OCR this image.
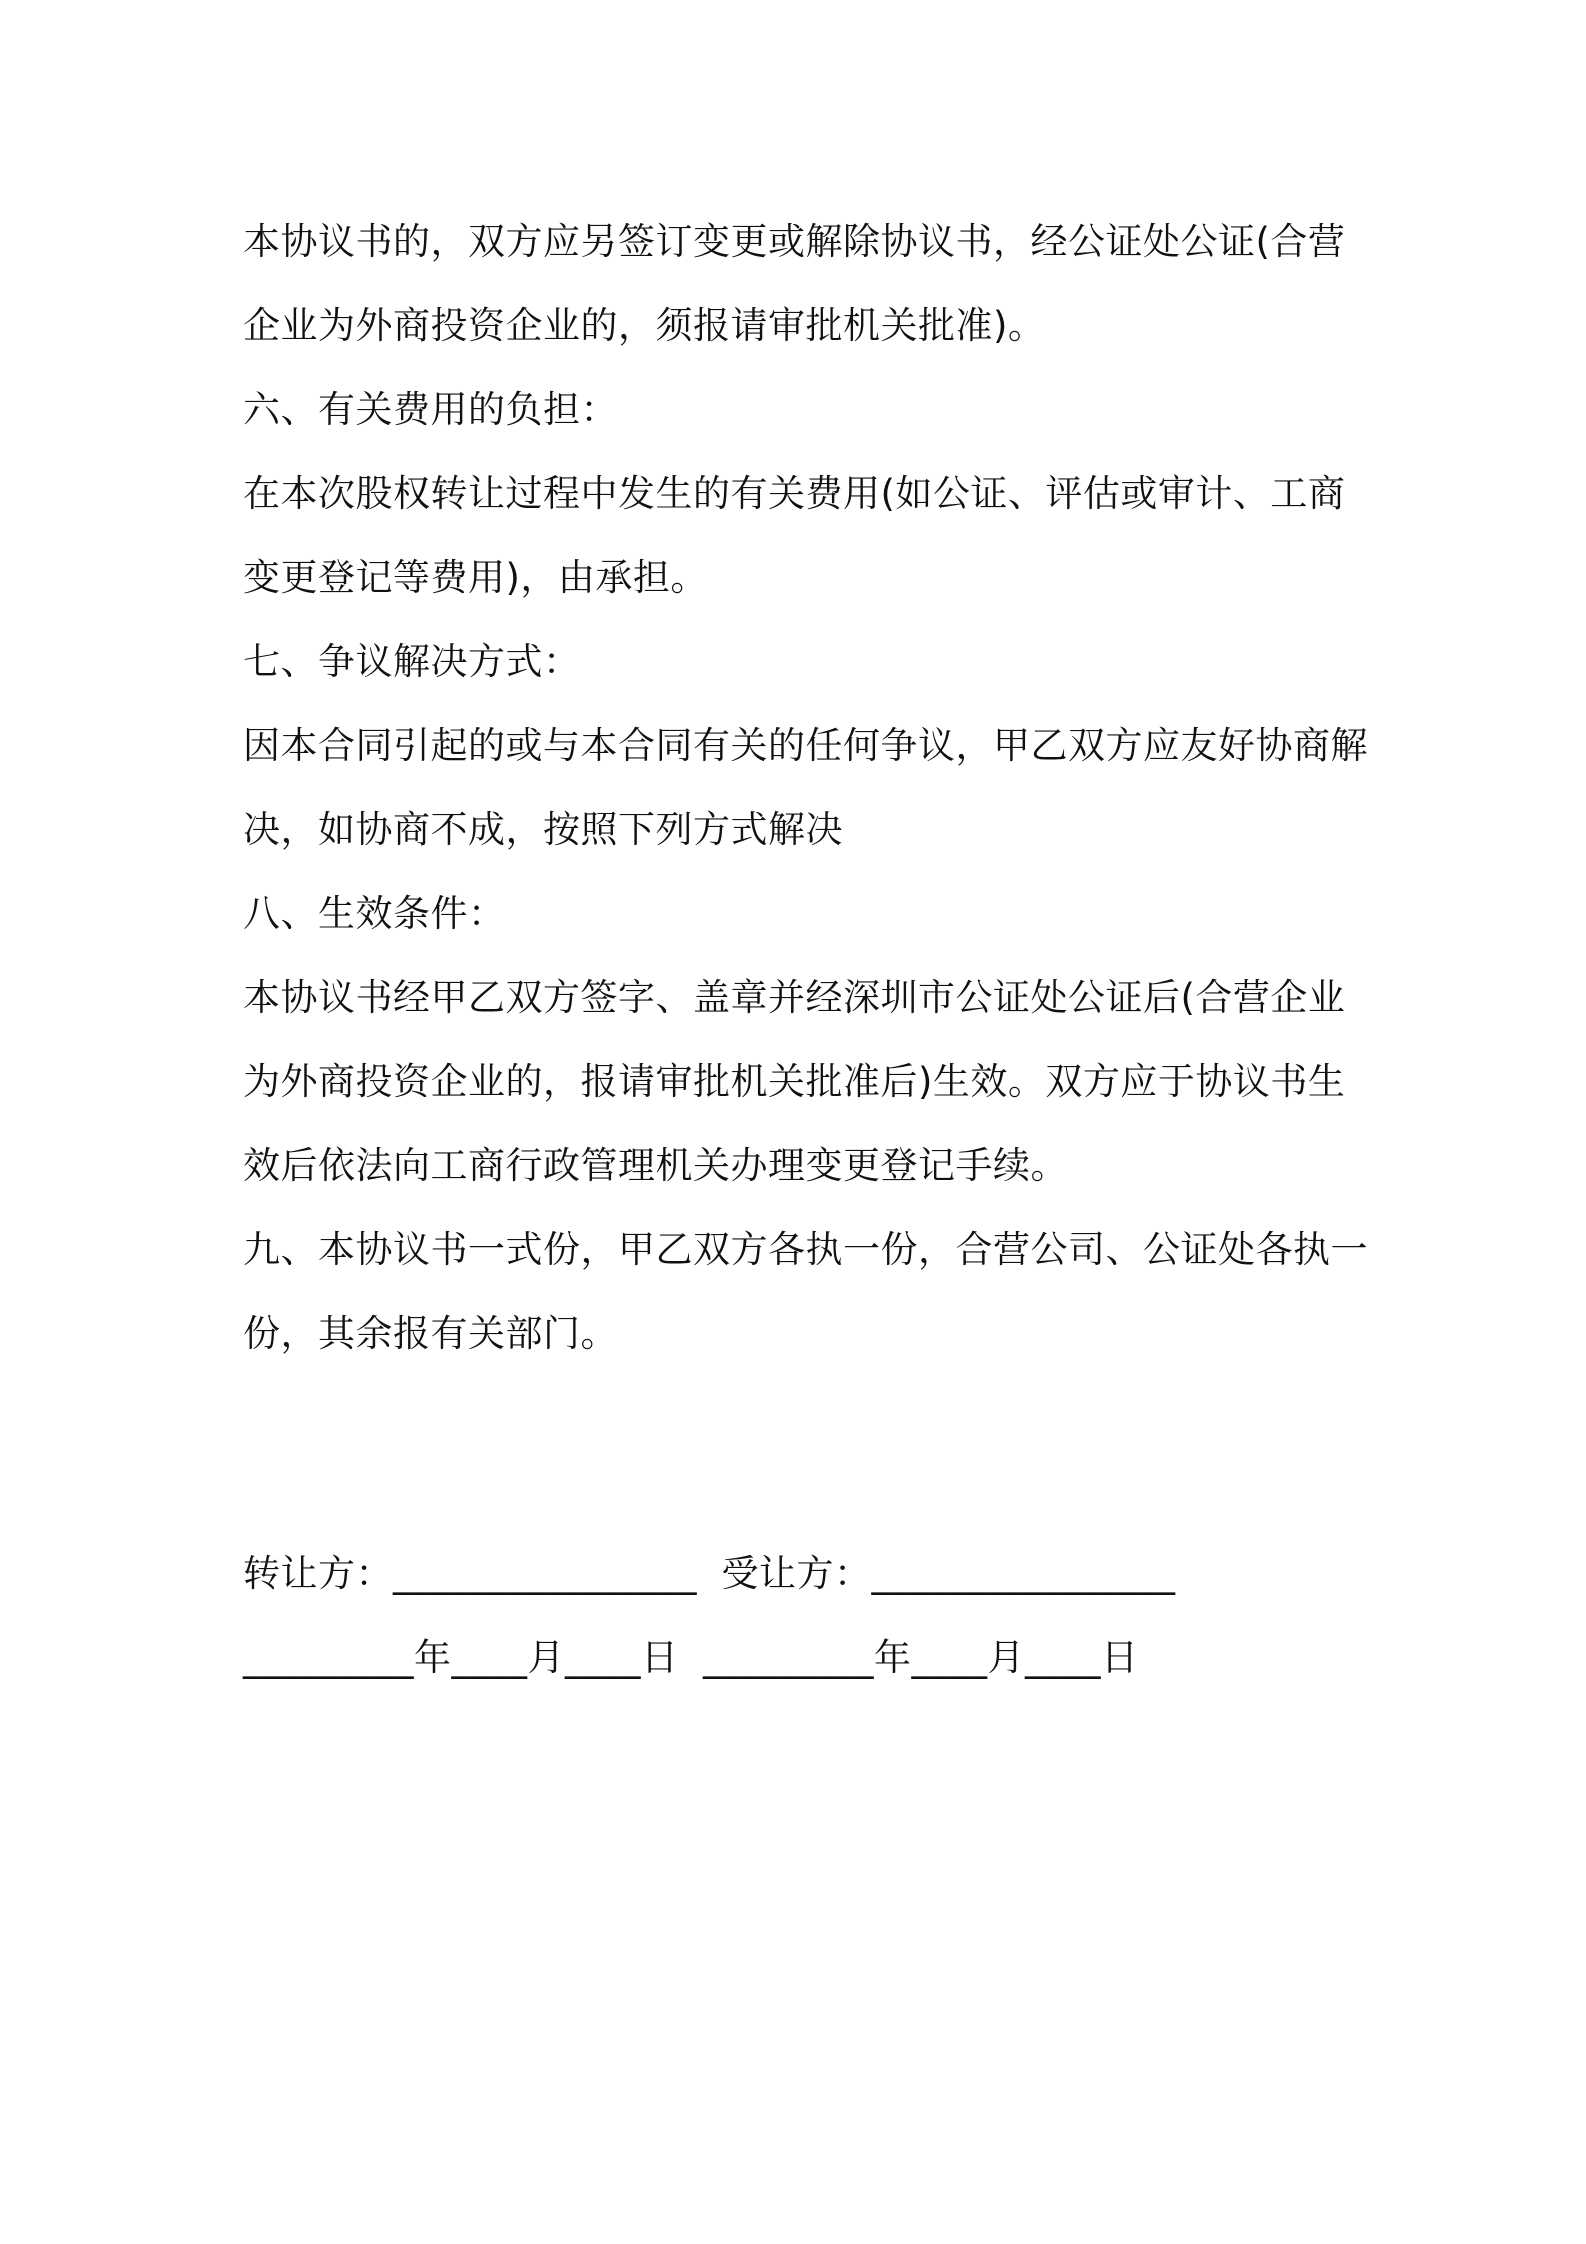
本协议书的，双方应另签订变更或解除协议书，经公证处公证(合营
企业为外商投资企业的，须报请审批机关批准)。
六、有关费用的负担：
在本次股权转让过程中发生的有关费用(如公证、评估或审计、工商
变更登记等费用)，由承担。
七、争议解决方式：
因本合同引起的或与本合同有关的任何争议，甲乙双方应友好协商解
决，如协商不成，按照下列方式解决
八、生效条件：
本协议书经甲乙双方签字、盖章并经深圳市公证处公证后(合营企业
为外商投资企业的，报请审批机关批准后)生效。双方应于协议书生
效后依法向工商行政管理机关办理变更登记手续。
九、本协议书一式份，甲乙双方各执一份，合营公司、公证处各执一
份，其余报有关部门。
转让方：________________  受让方：________________
_________年____月____日  _________年____月____日
